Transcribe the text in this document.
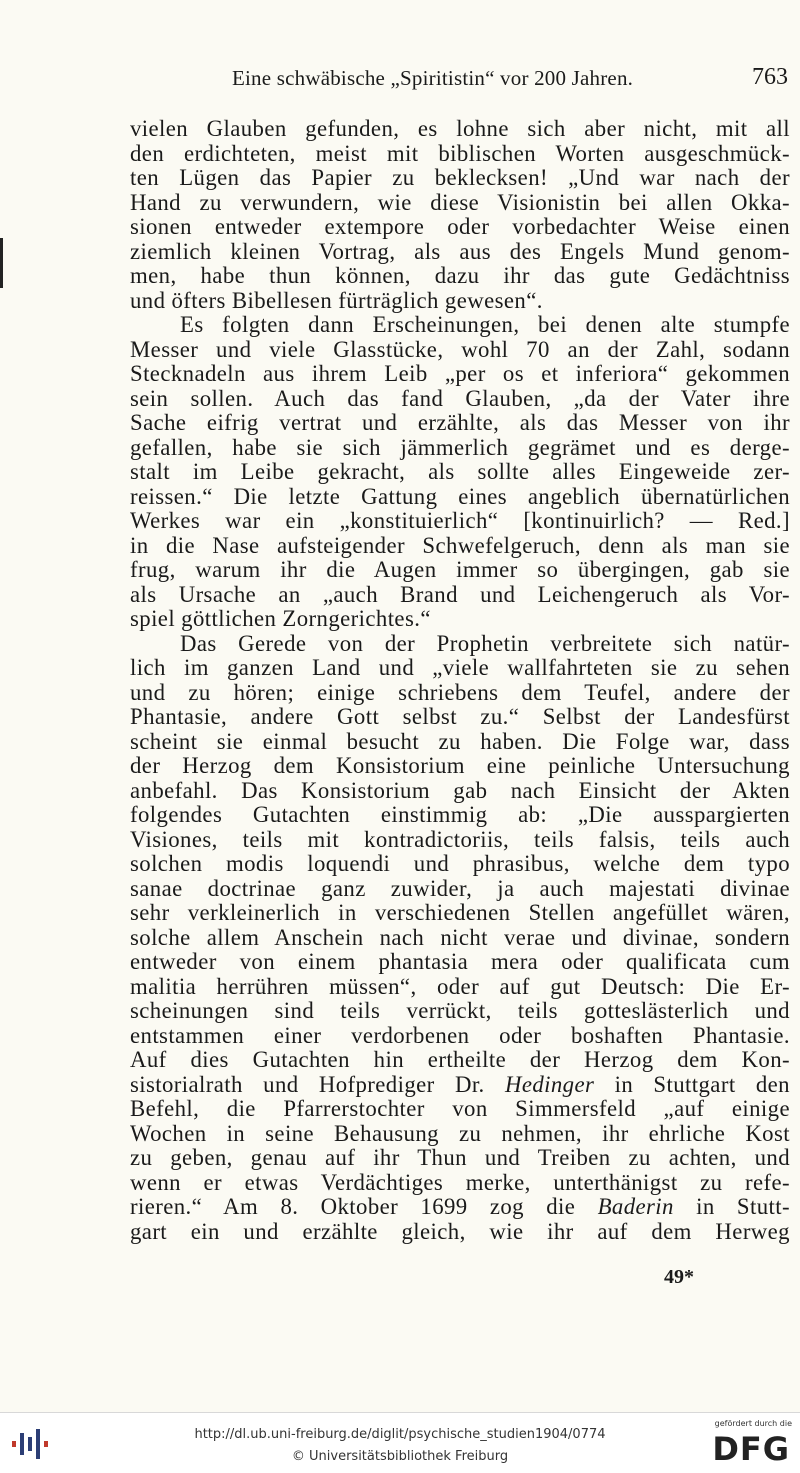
Eine schwäbische „Spiritistin“ vor 200 Jahren.	763
vielen Glauben gefunden, es lohne sich aber nicht, mit all
den erdichteten, meist mit biblischen Worten ausgeschmück-
ten Lügen das Papier zu beklecksen! „Und war nach der
Hand zu verwundern, wie diese Visionistin bei allen Okka-
sionen entweder extempore oder vorbedachter Weise einen
ziemlich kleinen Vortrag, als aus des Engels Mund genom-
men, habe thun können, dazu ihr das gute Gedächtniss
und öfters Bibellesen fürträglich gewesen“.
Es folgten dann Erscheinungen, bei denen alte stumpfe
Messer und viele Glasstücke, wohl 70 an der Zahl, sodann
Stecknadeln aus ihrem Leib „per os et inferiora“ gekommen
sein sollen. Auch das fand Glauben, „da der Vater ihre
Sache eifrig vertrat und erzählte, als das Messer von ihr
gefallen, habe sie sich jämmerlich gegrämet und es derge-
stalt im Leibe gekracht, als sollte alles Eingeweide zer-
reissen.“ Die letzte Gattung eines angeblich übernatürlichen
Werkes war ein „konstituierlich“ [kontinuirlich? — Red.]
in die Nase aufsteigender Schwefelgeruch, denn als man sie
frug, warum ihr die Augen immer so übergingen, gab sie
als Ursache an „auch Brand und Leichengeruch als Vor-
spiel göttlichen Zorngerichtes.“
Das Gerede von der Prophetin verbreitete sich natür-
lich im ganzen Land und „viele wallfahrteten sie zu sehen
und zu hören; einige schriebens dem Teufel, andere der
Phantasie, andere Gott selbst zu.“ Selbst der Landesfürst
scheint sie einmal besucht zu haben. Die Folge war, dass
der Herzog dem Konsistorium eine peinliche Untersuchung
anbefahl. Das Konsistorium gab nach Einsicht der Akten
folgendes Gutachten einstimmig ab: „Die ausspargierten
Visiones, teils mit kontradictoriis, teils falsis, teils auch
solchen modis loquendi und phrasibus, welche dem typo
sanae doctrinae ganz zuwider, ja auch majestati divinae
sehr verkleinerlich in verschiedenen Stellen angefüllet wären,
solche allem Anschein nach nicht verae und divinae, sondern
entweder von einem phantasia mera oder qualificata cum
malitia herrühren müssen“, oder auf gut Deutsch: Die Er-
scheinungen sind teils verrückt, teils gotteslästerlich und
entstammen einer verdorbenen oder boshaften Phantasie.
Auf dies Gutachten hin ertheilte der Herzog dem Kon-
sistorialrath und Hofprediger Dr. Hedinger in Stuttgart den
Befehl, die Pfarrerstochter von Simmersfeld „auf einige
Wochen in seine Behausung zu nehmen, ihr ehrliche Kost
zu geben, genau auf ihr Thun und Treiben zu achten, und
wenn er etwas Verdächtiges merke, unterthänigst zu refe-
rieren.“ Am 8. Oktober 1699 zog die Baderin in Stutt-
gart ein und erzählte gleich, wie ihr auf dem Herweg
49*
http://dl.ub.uni-freiburg.de/diglit/psychische_studien1904/0774
© Universitätsbibliothek Freiburg
gefördert durch die
DFG
